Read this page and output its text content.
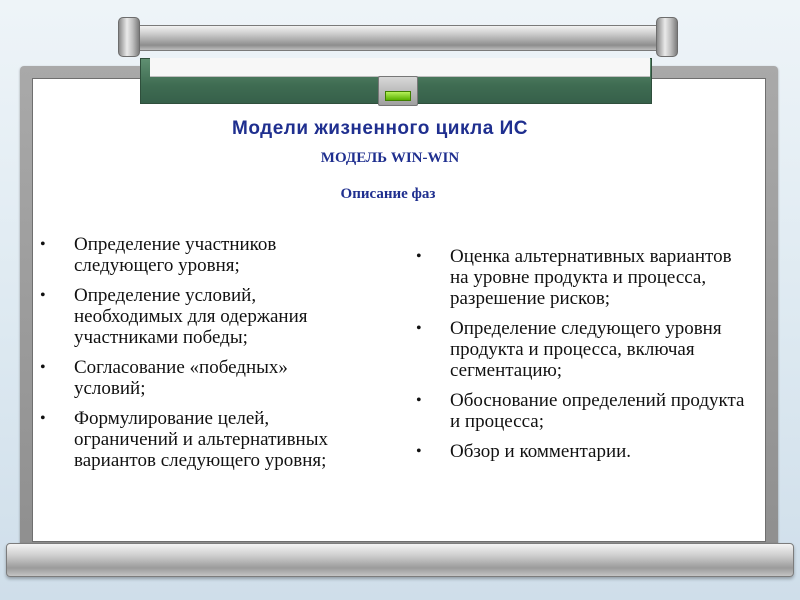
Модели жизненного цикла ИС
МОДЕЛЬ WIN-WIN
Описание фаз
• Определение участников следующего уровня;
• Определение условий, необходимых для одержания участниками победы;
• Согласование «победных» условий;
• Формулирование целей, ограничений и альтернативных вариантов следующего уровня;
• Оценка альтернативных вариантов на уровне продукта и процесса, разрешение рисков;
• Определение следующего уровня продукта и процесса, включая сегментацию;
• Обоснование определений продукта и процесса;
• Обзор и комментарии.
